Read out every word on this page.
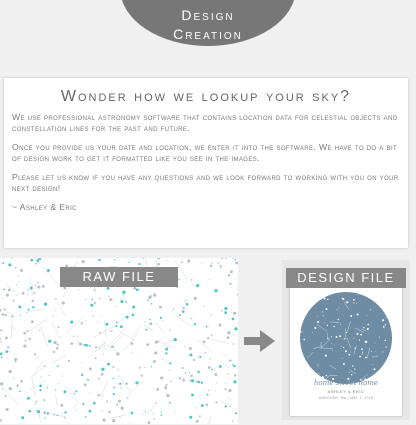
Design
Creation
Wonder how we lookup your sky?

We use professional astronomy software that contains location data for celestial objects and constellation lines for the past and future.

Once you provide us your date and location, we enter it into the software. We have to do a bit of design work to get it formatted like you see in the images.

Please let us know if you have any questions and we look forward to working with you on your next design!

~ Ashley & Eric

RAW FILE
home sweet home
ASHLEY & ERIC
ANDOVER, MA | MAY 1, 2015
DESIGN FILE
